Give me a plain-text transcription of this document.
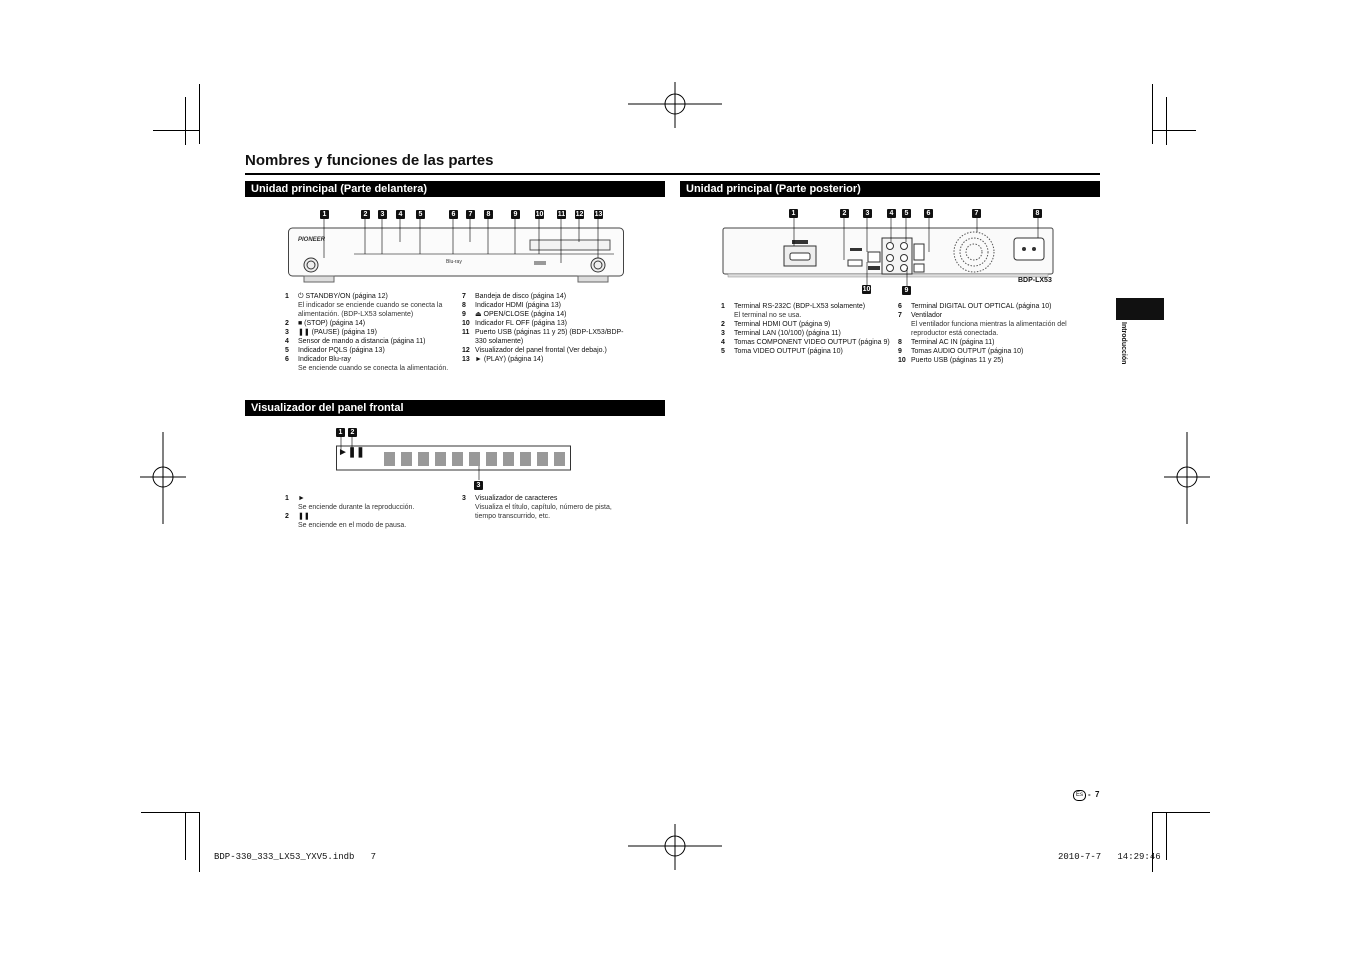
Nombres y funciones de las partes
Unidad principal (Parte delantera)	Unidad principal (Parte posterior)
Visualizador del panel frontal
1	2	3	4	5	6	7	8	9	10 11 12 13
PIONEER
Blu-ray
1	⏻ STANDBY/ON (página 12)
El indicador se enciende cuando se conecta la alimentación. (BDP-LX53 solamente)
2	■ (STOP) (página 14)
3	❚❚ (PAUSE) (página 19)
4	Sensor de mando a distancia (página 11)
5	Indicador PQLS (página 13)
6	Indicador Blu-ray
Se enciende cuando se conecta la alimentación.
7	Bandeja de disco (página 14)
8	Indicador HDMI (página 13)
9	⏏ OPEN/CLOSE (página 14)
10 Indicador FL OFF (página 13)
11 Puerto USB (páginas 11 y 25) (BDP-LX53/BDP-330 solamente)
12 Visualizador del panel frontal (Ver debajo.)
13 ► (PLAY) (página 14)
1	2	3	4	5	6	7	8
10	9
BDP-LX53
1	Terminal RS-232C (BDP-LX53 solamente)
El terminal no se usa.
2	Terminal HDMI OUT (página 9)
3	Terminal LAN (10/100) (página 11)
4	Tomas COMPONENT VIDEO OUTPUT (página 9)
5	Toma VIDEO OUTPUT (página 10)
6	Terminal DIGITAL OUT OPTICAL (página 10)
7	Ventilador
El ventilador funciona mientras la alimentación del reproductor está conectada.
8	Terminal AC IN (página 11)
9	Tomas AUDIO OUTPUT (página 10)
10 Puerto USB (páginas 11 y 25)	Introducción
1	2
►❚❚
3
1	►
Se enciende durante la reproducción.
2	❚❚
Se enciende en el modo de pausa.
3	Visualizador de caracteres
Visualiza el título, capítulo, número de pista, tiempo transcurrido, etc.
Es - 7
BDP-330_333_LX53_YXV5.indb   7	2010-7-7   14:29:46
